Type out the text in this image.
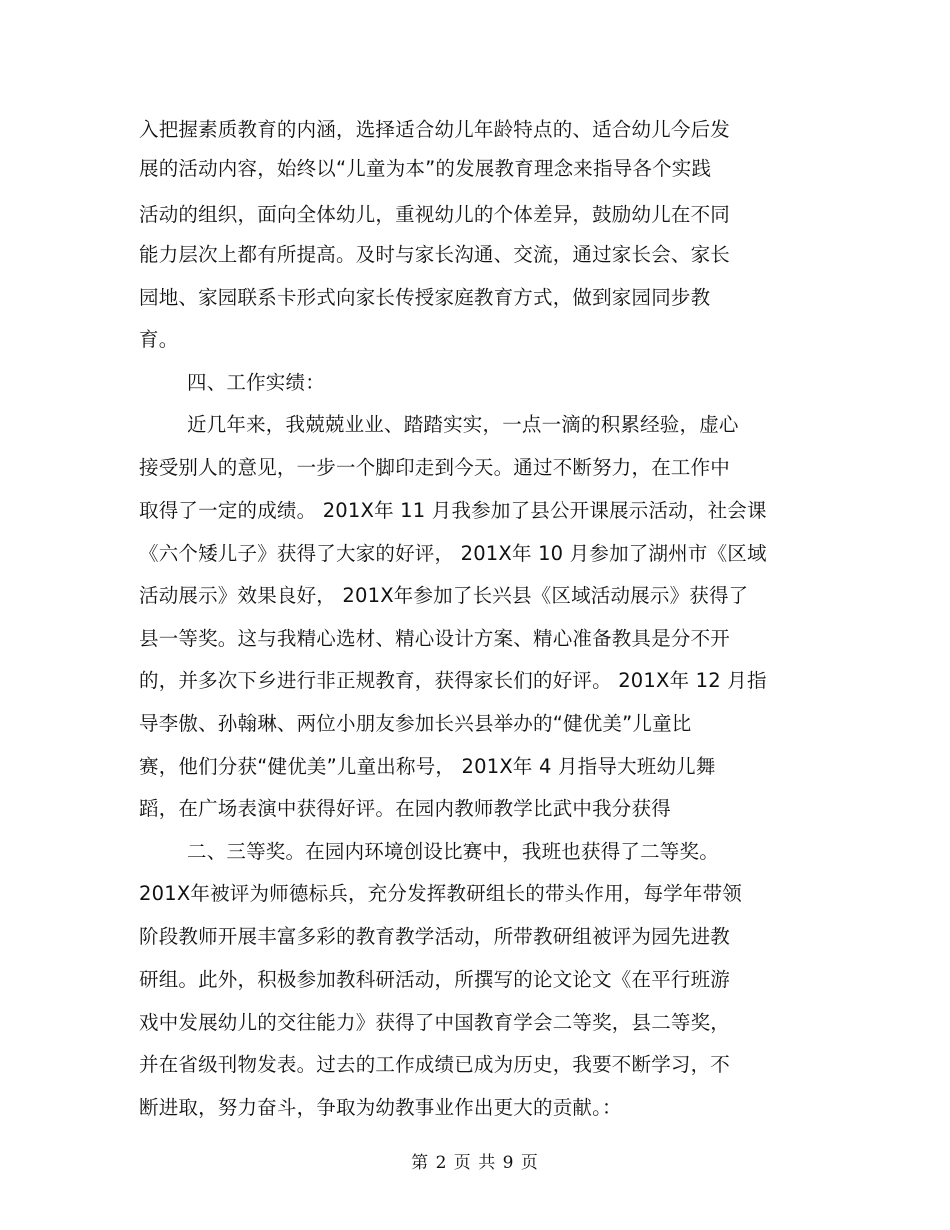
入把握素质教育的内涵，选择适合幼儿年龄特点的、适合幼儿今后发
展的活动内容，始终以“儿童为本”的发展教育理念来指导各个实践
活动的组织，面向全体幼儿，重视幼儿的个体差异，鼓励幼儿在不同
能力层次上都有所提高。及时与家长沟通、交流，通过家长会、家长
园地、家园联系卡形式向家长传授家庭教育方式，做到家园同步教
育。
四、工作实绩：
近几年来，我兢兢业业、踏踏实实，一点一滴的积累经验，虚心
接受别人的意见，一步一个脚印走到今天。通过不断努力，在工作中
取得了一定的成绩。 201X年 11 月我参加了县公开课展示活动，社会课
《六个矮儿子》获得了大家的好评， 201X年 10 月参加了湖州市《区域
活动展示》效果良好， 201X年参加了长兴县《区域活动展示》获得了
县一等奖。这与我精心选材、精心设计方案、精心准备教具是分不开
的，并多次下乡进行非正规教育，获得家长们的好评。 201X年 12 月指
导李傲、孙翰琳、两位小朋友参加长兴县举办的“健优美”儿童比
赛，他们分获“健优美”儿童出称号， 201X年 4 月指导大班幼儿舞
蹈，在广场表演中获得好评。在园内教师教学比武中我分获得
二、三等奖。在园内环境创设比赛中，我班也获得了二等奖。
201X年被评为师德标兵，充分发挥教研组长的带头作用，每学年带领
阶段教师开展丰富多彩的教育教学活动，所带教研组被评为园先进教
研组。此外，积极参加教科研活动，所撰写的论文论文《在平行班游
戏中发展幼儿的交往能力》获得了中国教育学会二等奖，县二等奖，
并在省级刊物发表。过去的工作成绩已成为历史，我要不断学习，不
断进取，努力奋斗，争取为幼教事业作出更大的贡献。：
第 2 页 共 9 页
